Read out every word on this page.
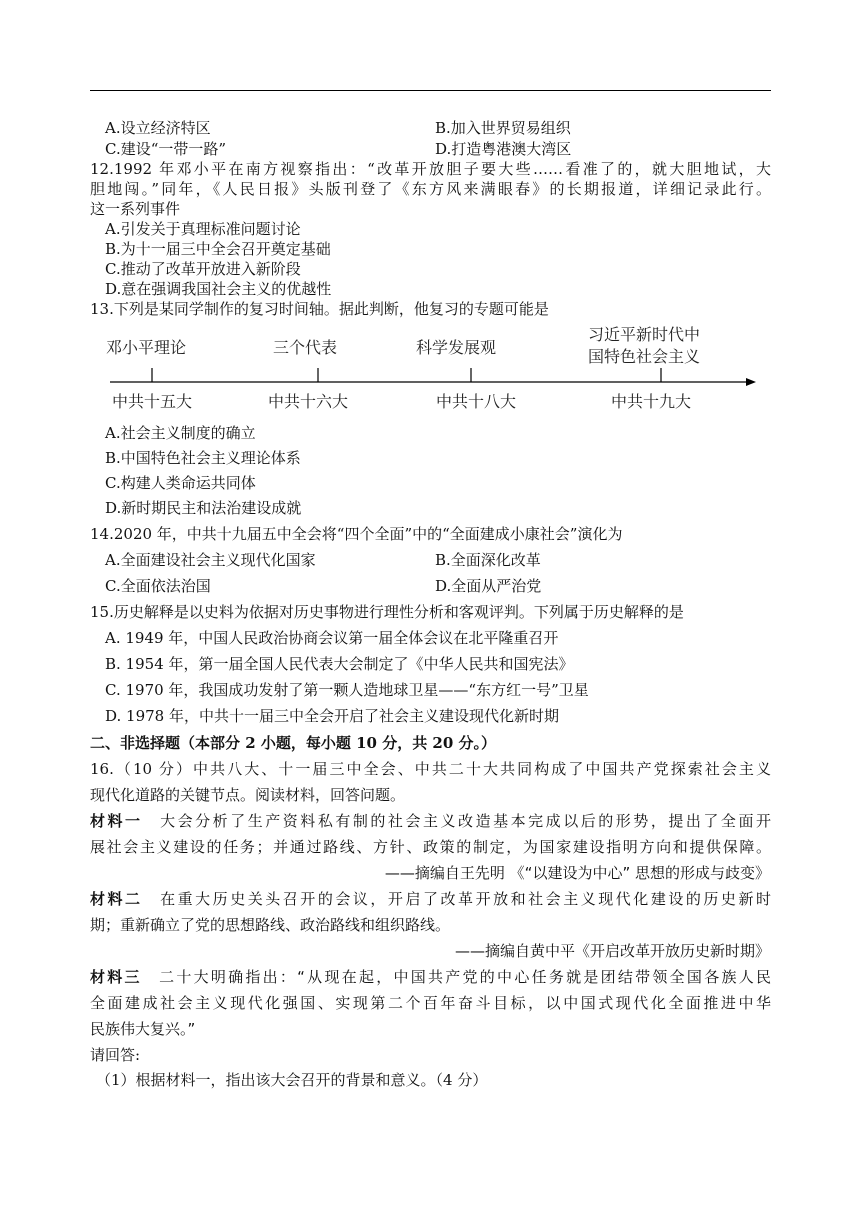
A.设立经济特区	B.加入世界贸易组织
C.建设“一带一路”	D.打造粤港澳大湾区
12.1992 年邓小平在南方视察指出：“改革开放胆子要大些……看准了的，就大胆地试，大
胆地闯。”同年，《人民日报》头版刊登了《东方风来满眼春》的长期报道，详细记录此行。
这一系列事件
A.引发关于真理标准问题讨论
B.为十一届三中全会召开奠定基础
C.推动了改革开放进入新阶段
D.意在强调我国社会主义的优越性
13.下列是某同学制作的复习时间轴。据此判断，他复习的专题可能是
邓小平理论	三个代表	科学发展观
习近平新时代中
国特色社会主义
中共十五大	中共十六大	中共十八大	中共十九大
A.社会主义制度的确立
B.中国特色社会主义理论体系
C.构建人类命运共同体
D.新时期民主和法治建设成就
14.2020 年，中共十九届五中全会将“四个全面”中的“全面建成小康社会”演化为
A.全面建设社会主义现代化国家	B.全面深化改革
C.全面依法治国	D.全面从严治党
15.历史解释是以史料为依据对历史事物进行理性分析和客观评判。下列属于历史解释的是
A. 1949 年，中国人民政治协商会议第一届全体会议在北平隆重召开
B. 1954 年，第一届全国人民代表大会制定了《中华人民共和国宪法》
C. 1970 年，我国成功发射了第一颗人造地球卫星——“东方红一号”卫星
D. 1978 年，中共十一届三中全会开启了社会主义建设现代化新时期
二、非选择题（本部分 2 小题，每小题 10 分，共 20 分。）
16.（10 分）中共八大、十一届三中全会、中共二十大共同构成了中国共产党探索社会主义
现代化道路的关键节点。阅读材料，回答问题。
材料一　 大会分析了生产资料私有制的社会主义改造基本完成以后的形势，提出了全面开
展社会主义建设的任务；并通过路线、方针、政策的制定，为国家建设指明方向和提供保障。
——摘编自王先明 《“以建设为中心” 思想的形成与歧变》
材料二　 在重大历史关头召开的会议，开启了改革开放和社会主义现代化建设的历史新时
期；重新确立了党的思想路线、政治路线和组织路线。
——摘编自黄中平《开启改革开放历史新时期》
材料三　 二十大明确指出：“从现在起，中国共产党的中心任务就是团结带领全国各族人民
全面建成社会主义现代化强国、实现第二个百年奋斗目标，以中国式现代化全面推进中华
民族伟大复兴。”
请回答:
（1）根据材料一，指出该大会召开的背景和意义。（4 分）
